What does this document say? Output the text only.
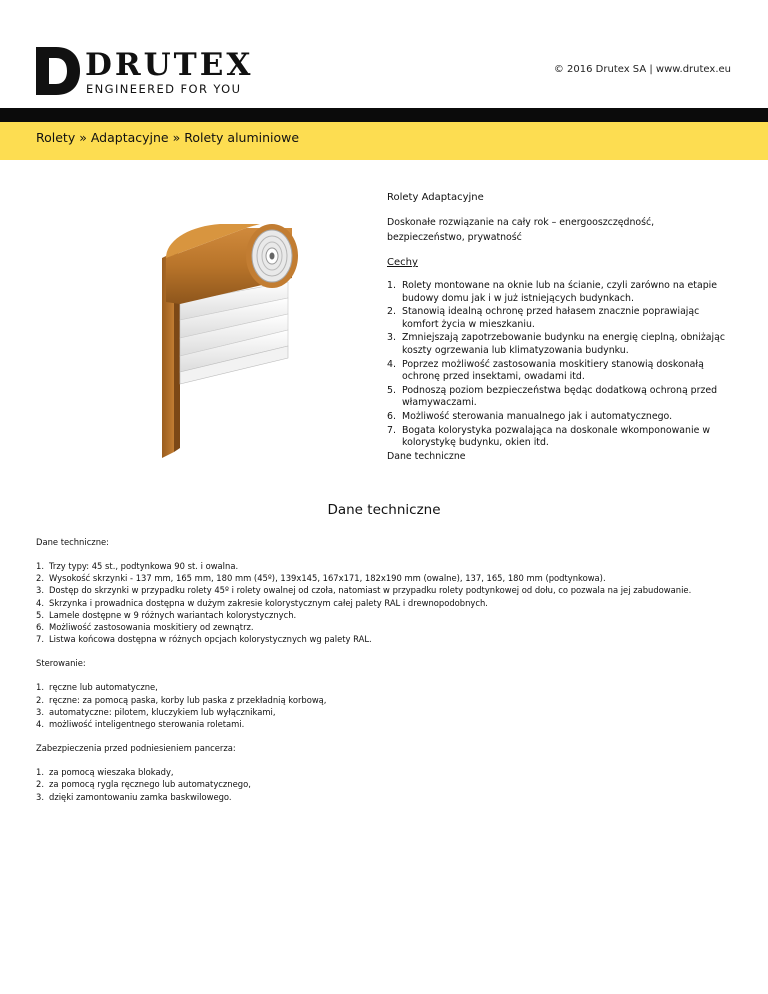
DRUTEX
ENGINEERED FOR YOU
© 2016 Drutex SA | www.drutex.eu
Rolety » Adaptacyjne » Rolety aluminiowe
Rolety Adaptacyjne
Doskonałe rozwiązanie na cały rok – energooszczędność, bezpieczeństwo, prywatność
Cechy
1. Rolety montowane na oknie lub na ścianie, czyli zarówno na etapie budowy domu jak i w już istniejących budynkach.
2. Stanowią idealną ochronę przed hałasem znacznie poprawiając komfort życia w mieszkaniu.
3. Zmniejszają zapotrzebowanie budynku na energię cieplną, obniżając koszty ogrzewania lub klimatyzowania budynku.
4. Poprzez możliwość zastosowania moskitiery stanowią doskonałą ochronę przed insektami, owadami itd.
5. Podnoszą poziom bezpieczeństwa będąc dodatkową ochroną przed włamywaczami.
6. Możliwość sterowania manualnego jak i automatycznego.
7. Bogata kolorystyka pozwalająca na doskonale wkomponowanie w kolorystykę budynku, okien itd.
Dane techniczne
Dane techniczne
Dane techniczne:
1. Trzy typy: 45 st., podtynkowa 90 st. i owalna.
2. Wysokość skrzynki - 137 mm, 165 mm, 180 mm (45º), 139x145, 167x171, 182x190 mm (owalne), 137, 165, 180 mm (podtynkowa).
3. Dostęp do skrzynki w przypadku rolety 45º i rolety owalnej od czoła, natomiast w przypadku rolety podtynkowej od dołu, co pozwala na jej zabudowanie.
4. Skrzynka i prowadnica dostępna w dużym zakresie kolorystycznym całej palety RAL i drewnopodobnych.
5. Lamele dostępne w 9 różnych wariantach kolorystycznych.
6. Możliwość zastosowania moskitiery od zewnątrz.
7. Listwa końcowa dostępna w różnych opcjach kolorystycznych wg palety RAL.
Sterowanie:
1. ręczne lub automatyczne,
2. ręczne: za pomocą paska, korby lub paska z przekładnią korbową,
3. automatyczne: pilotem, kluczykiem lub wyłącznikami,
4. możliwość inteligentnego sterowania roletami.
Zabezpieczenia przed podniesieniem pancerza:
1. za pomocą wieszaka blokady,
2. za pomocą rygla ręcznego lub automatycznego,
3. dzięki zamontowaniu zamka baskwilowego.
